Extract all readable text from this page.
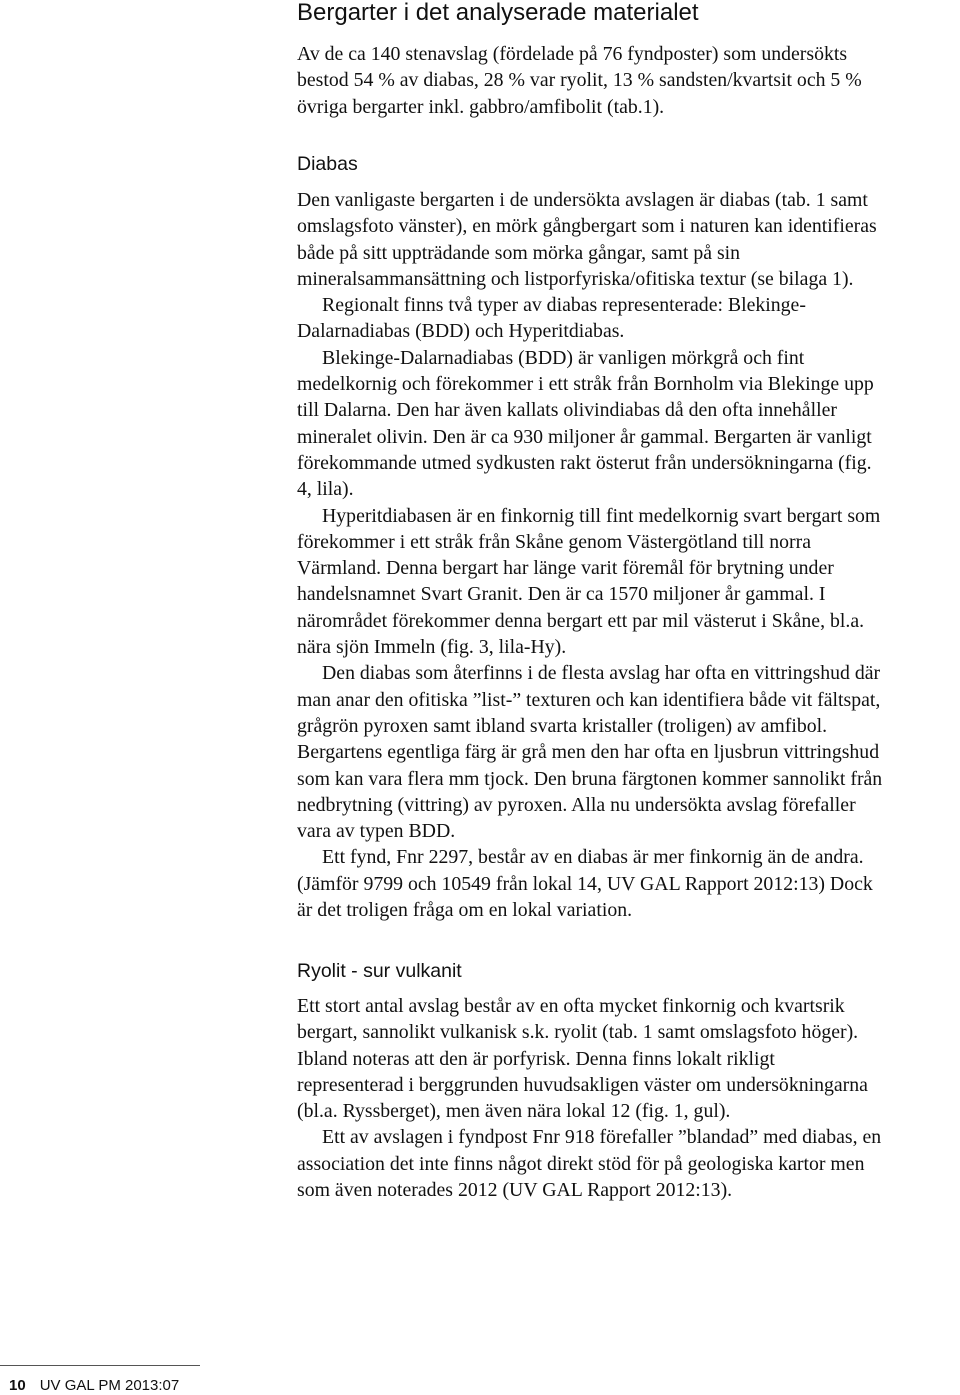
Bergarter i det analyserade materialet

Av de ca 140 stenavslag (fördelade på 76 fyndposter) som undersökts
bestod 54 % av diabas, 28 % var ryolit, 13 % sandsten/kvartsit och 5 %
övriga bergarter inkl. gabbro/amfibolit (tab.1).

Diabas

Den vanligaste bergarten i de undersökta avslagen är diabas (tab. 1 samt
omslagsfoto vänster), en mörk gångbergart som i naturen kan identifieras
både på sitt uppträdande som mörka gångar, samt på sin
mineralsammansättning och listporfyriska/ofitiska textur (se bilaga 1).

Regionalt finns två typer av diabas representerade: Blekinge-
Dalarnadiabas (BDD) och Hyperitdiabas.

Blekinge-Dalarnadiabas (BDD) är vanligen mörkgrå och fint
medelkornig och förekommer i ett stråk från Bornholm via Blekinge upp
till Dalarna. Den har även kallats olivindiabas då den ofta innehåller
mineralet olivin. Den är ca 930 miljoner år gammal. Bergarten är vanligt
förekommande utmed sydkusten rakt österut från undersökningarna (fig.
4, lila).

Hyperitdiabasen är en finkornig till fint medelkornig svart bergart som
förekommer i ett stråk från Skåne genom Västergötland till norra
Värmland. Denna bergart har länge varit föremål för brytning under
handelsnamnet Svart Granit. Den är ca 1570 miljoner år gammal. I
närområdet förekommer denna bergart ett par mil västerut i Skåne, bl.a.
nära sjön Immeln (fig. 3, lila-Hy).

Den diabas som återfinns i de flesta avslag har ofta en vittringshud där
man anar den ofitiska ”list-” texturen och kan identifiera både vit fältspat,
grågrön pyroxen samt ibland svarta kristaller (troligen) av amfibol.
Bergartens egentliga färg är grå men den har ofta en ljusbrun vittringshud
som kan vara flera mm tjock. Den bruna färgtonen kommer sannolikt från
nedbrytning (vittring) av pyroxen. Alla nu undersökta avslag förefaller
vara av typen BDD.

Ett fynd, Fnr 2297, består av en diabas är mer finkornig än de andra.
(Jämför 9799 och 10549 från lokal 14, UV GAL Rapport 2012:13) Dock
är det troligen fråga om en lokal variation.

Ryolit - sur vulkanit

Ett stort antal avslag består av en ofta mycket finkornig och kvartsrik
bergart, sannolikt vulkanisk s.k. ryolit (tab. 1 samt omslagsfoto höger).
Ibland noteras att den är porfyrisk. Denna finns lokalt rikligt
representerad i berggrunden huvudsakligen väster om undersökningarna
(bl.a. Ryssberget), men även nära lokal 12 (fig. 1, gul).

Ett av avslagen i fyndpost Fnr 918 förefaller ”blandad” med diabas, en
association det inte finns något direkt stöd för på geologiska kartor men
som även noterades 2012 (UV GAL Rapport 2012:13).

10 UV GAL PM 2013:07
